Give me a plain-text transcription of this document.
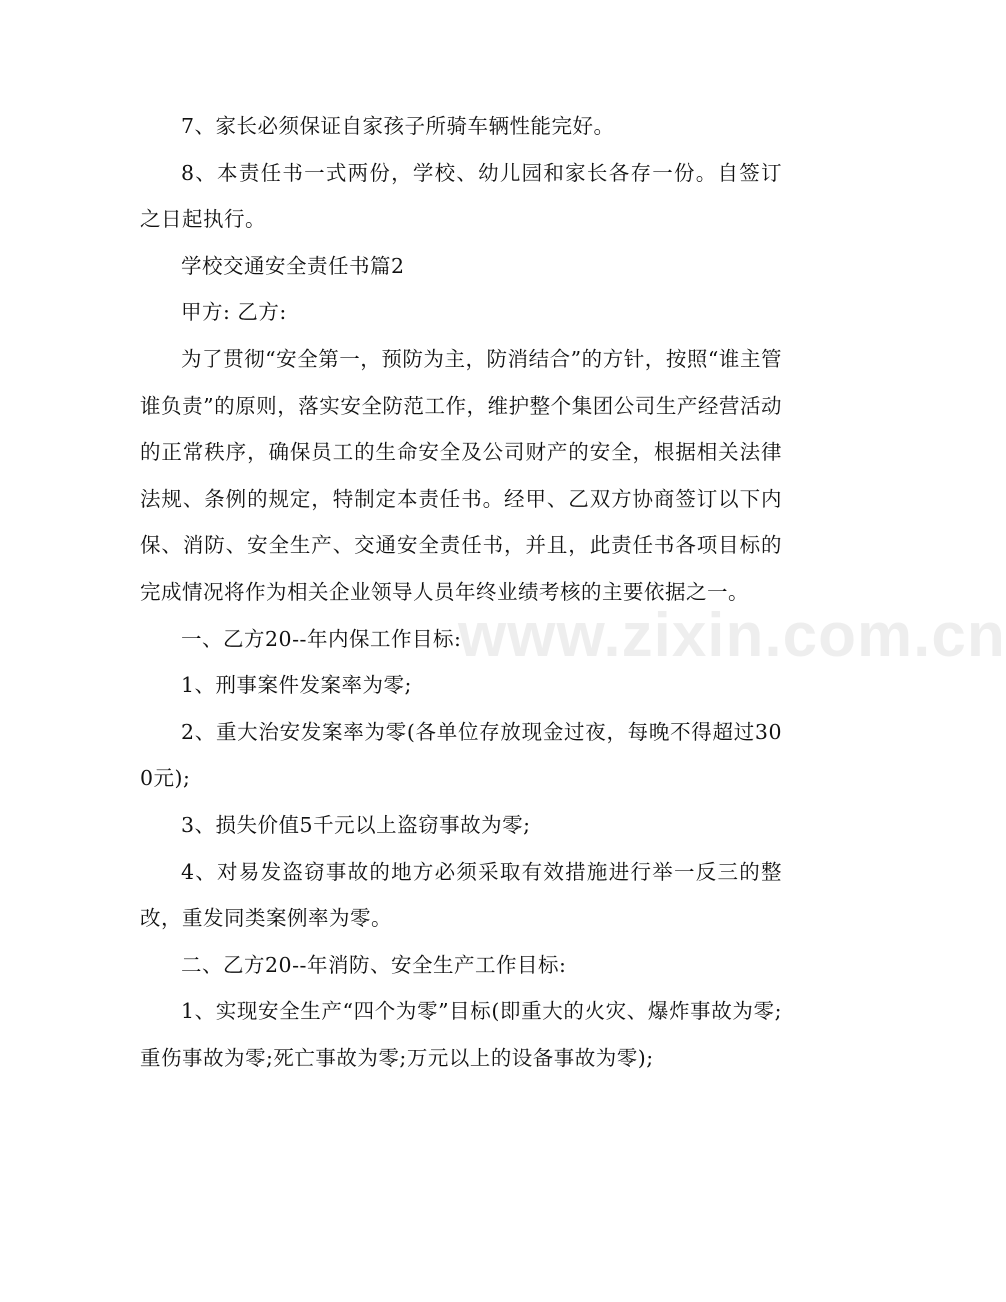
7、家长必须保证自家孩子所骑车辆性能完好。

8、本责任书一式两份，学校、幼儿园和家长各存一份。自签订之日起执行。

学校交通安全责任书篇2

甲方: 乙方:

为了贯彻“安全第一，预防为主，防消结合”的方针，按照“谁主管谁负责”的原则，落实安全防范工作，维护整个集团公司生产经营活动的正常秩序，确保员工的生命安全及公司财产的安全，根据相关法律法规、条例的规定，特制定本责任书。经甲、乙双方协商签订以下内保、消防、安全生产、交通安全责任书，并且，此责任书各项目标的完成情况将作为相关企业领导人员年终业绩考核的主要依据之一。

一、乙方20--年内保工作目标:

1、刑事案件发案率为零;

2、重大治安发案率为零(各单位存放现金过夜，每晚不得超过300元);

3、损失价值5千元以上盗窃事故为零;

4、对易发盗窃事故的地方必须采取有效措施进行举一反三的整改，重发同类案例率为零。

二、乙方20--年消防、安全生产工作目标:

1、实现安全生产“四个为零”目标(即重大的火灾、爆炸事故为零;重伤事故为零;死亡事故为零;万元以上的设备事故为零);

www.zixin.com.cn
